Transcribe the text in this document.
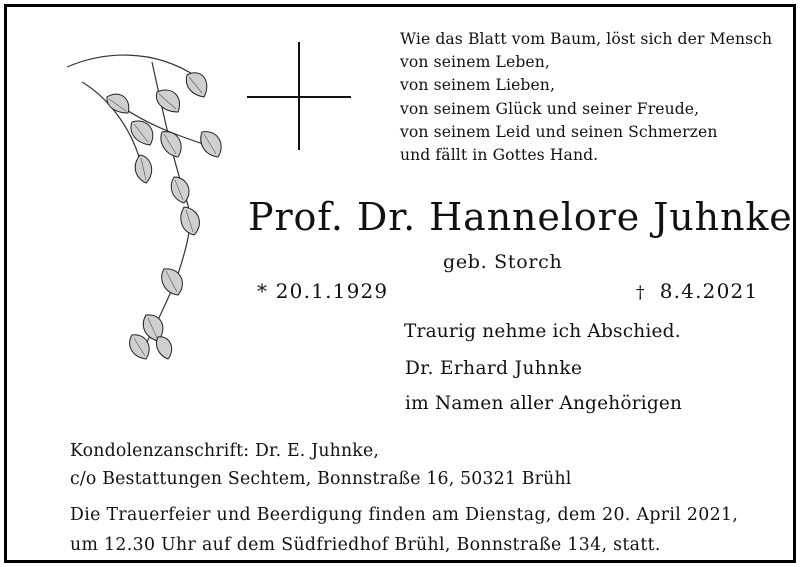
Wie das Blatt vom Baum, löst sich der Mensch
von seinem Leben,
von seinem Lieben,
von seinem Glück und seiner Freude,
von seinem Leid und seinen Schmerzen
und fällt in Gottes Hand.
Prof. Dr. Hannelore Juhnke
geb. Storch
* 20.1.1929	† 8.4.2021
Traurig nehme ich Abschied.
Dr. Erhard Juhnke
im Namen aller Angehörigen
Kondolenzanschrift: Dr. E. Juhnke,
c/o Bestattungen Sechtem, Bonnstraße 16, 50321 Brühl
Die Trauerfeier und Beerdigung finden am Dienstag, dem 20. April 2021,
um 12.30 Uhr auf dem Südfriedhof Brühl, Bonnstraße 134, statt.
